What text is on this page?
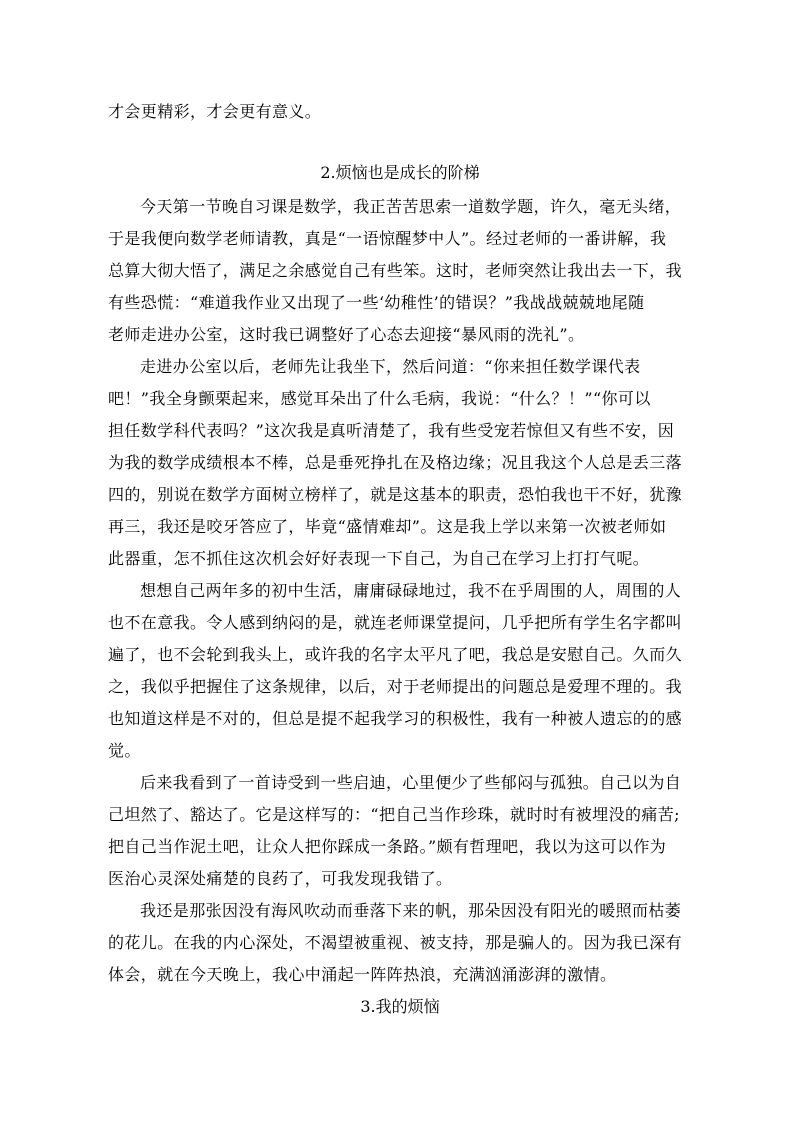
才会更精彩，才会更有意义。
2.烦恼也是成长的阶梯
今天第一节晚自习课是数学，我正苦苦思索一道数学题，许久，毫无头绪，
于是我便向数学老师请教，真是“一语惊醒梦中人”。经过老师的一番讲解，我
总算大彻大悟了，满足之余感觉自己有些笨。这时，老师突然让我出去一下，我
有些恐慌：“难道我作业又出现了一些‘幼稚性’的错误？”我战战兢兢地尾随
老师走进办公室，这时我已调整好了心态去迎接“暴风雨的洗礼”。
走进办公室以后，老师先让我坐下，然后问道：“你来担任数学课代表
吧！”我全身颤栗起来，感觉耳朵出了什么毛病，我说：“什么？！”“你可以
担任数学科代表吗？”这次我是真听清楚了，我有些受宠若惊但又有些不安，因
为我的数学成绩根本不棒，总是垂死挣扎在及格边缘；况且我这个人总是丢三落
四的，别说在数学方面树立榜样了，就是这基本的职责，恐怕我也干不好，犹豫
再三，我还是咬牙答应了，毕竟“盛情难却”。这是我上学以来第一次被老师如
此器重，怎不抓住这次机会好好表现一下自己，为自己在学习上打打气呢。
想想自己两年多的初中生活，庸庸碌碌地过，我不在乎周围的人，周围的人
也不在意我。令人感到纳闷的是，就连老师课堂提问，几乎把所有学生名字都叫
遍了，也不会轮到我头上，或许我的名字太平凡了吧，我总是安慰自己。久而久
之，我似乎把握住了这条规律，以后，对于老师提出的问题总是爱理不理的。我
也知道这样是不对的，但总是提不起我学习的积极性，我有一种被人遗忘的的感
觉。
后来我看到了一首诗受到一些启迪，心里便少了些郁闷与孤独。自己以为自
己坦然了、豁达了。它是这样写的：“把自己当作珍珠，就时时有被埋没的痛苦;
把自己当作泥土吧，让众人把你踩成一条路。”颇有哲理吧，我以为这可以作为
医治心灵深处痛楚的良药了，可我发现我错了。
我还是那张因没有海风吹动而垂落下来的帆，那朵因没有阳光的暖照而枯萎
的花儿。在我的内心深处，不渴望被重视、被支持，那是骗人的。因为我已深有
体会，就在今天晚上，我心中涌起一阵阵热浪，充满汹涌澎湃的激情。
3.我的烦恼
